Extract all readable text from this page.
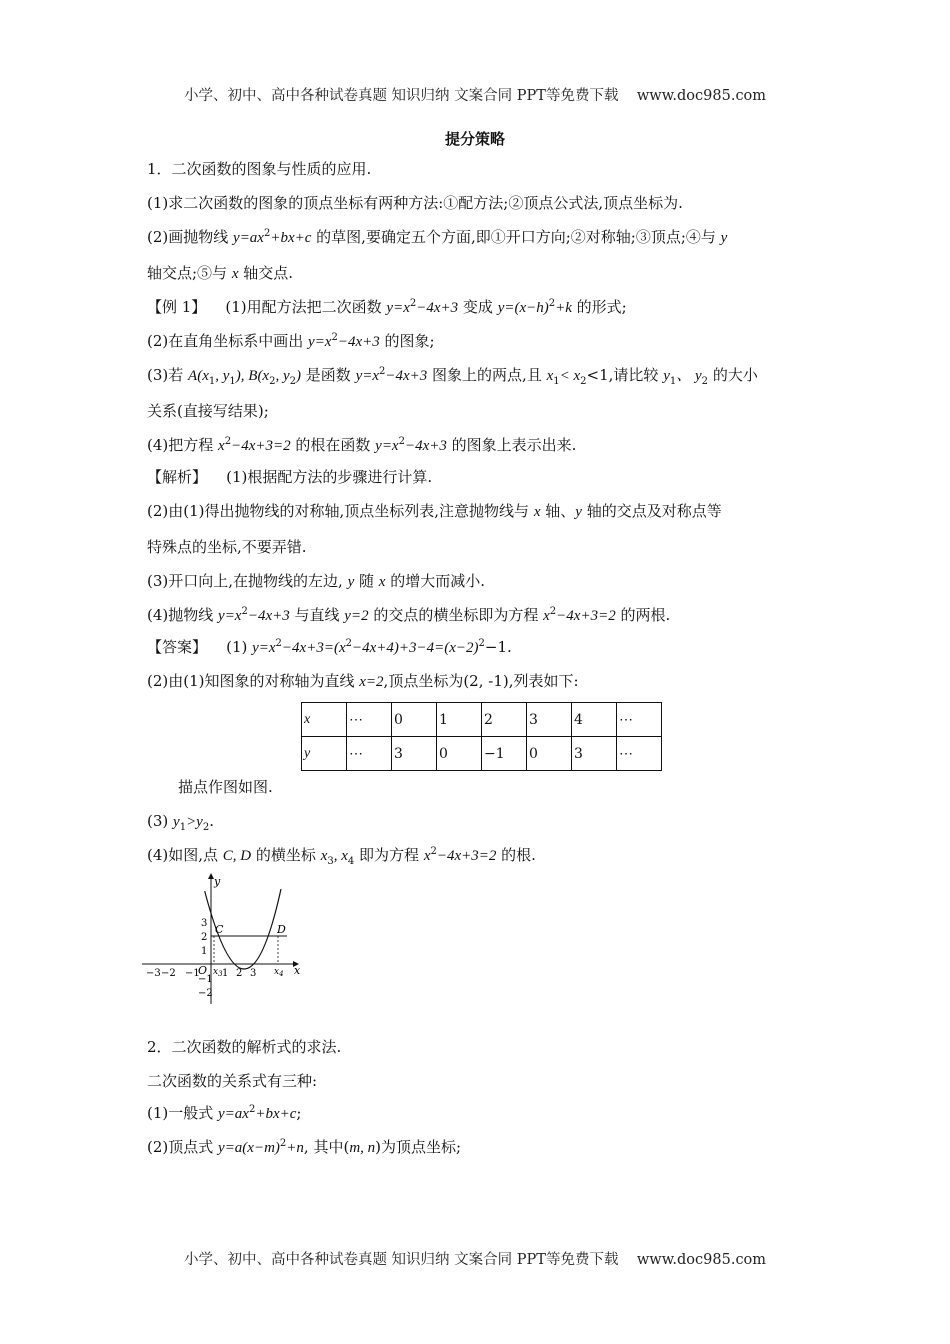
小学、初中、高中各种试卷真题 知识归纳 文案合同 PPT等免费下载    www.doc985.com
提分策略
1．二次函数的图象与性质的应用.
(1)求二次函数的图象的顶点坐标有两种方法:①配方法;②顶点公式法,顶点坐标为.
(2)画抛物线 $y=ax^2+bx+c$ 的草图,要确定五个方面,即①开口方向;②对称轴;③顶点;④与 y
轴交点;⑤与 x 轴交点.
【例 1】 (1)用配方法把二次函数 $y=x^2-4x+3$ 变成 $y=(x-h)^2+k$ 的形式;
(2)在直角坐标系中画出 $y=x^2-4x+3$ 的图象;
(3)若 $A(x_1$, $y_1$), $B(x_2$, $y_2$) 是函数 $y=x^2-4x+3$ 图象上的两点,且 $x_1< x_2<1$,请比较 $y_1$、 $y_2$ 的大小
关系(直接写结果);
(4)把方程 $x^2-4x+3=2$ 的根在函数 $y=x^2-4x+3$ 的图象上表示出来.
【解析】 (1)根据配方法的步骤进行计算.
(2)由(1)得出抛物线的对称轴,顶点坐标列表,注意抛物线与 x 轴、y 轴的交点及对称点等
特殊点的坐标,不要弄错.
(3)开口向上,在抛物线的左边, y 随 x 的增大而减小.
(4)抛物线 $y=x^2-4x+3$ 与直线 y=2 的交点的横坐标即为方程 $x^2-4x+3=2$ 的两根.
【答案】 (1) $y=x^2-4x+3=(x^2-4x+4)+3-4=(x-2)^2-1$.
(2)由(1)知图象的对称轴为直线 x=2,顶点坐标为(2, -1),列表如下:
x	⋯	0	1	2	3	4	⋯
y	⋯	3	0	−1	0	3	⋯
描点作图如图.
(3) $y_1>y_2$.
(4)如图,点 C, D 的横坐标 $x_3$, $x_4$ 即为方程 $x^2-4x+3=2$ 的根.
−3 −2 −1
O $x_3$ 1 2 3 $x_4$ x
y
3
2
1
−1
−2
C	D
2．二次函数的解析式的求法.
二次函数的关系式有三种:
(1)一般式 $y=ax^2+bx+c$;
(2)顶点式 $y=a(x-m)^2+n$, 其中(m, n)为顶点坐标;
小学、初中、高中各种试卷真题 知识归纳 文案合同 PPT等免费下载    www.doc985.com
